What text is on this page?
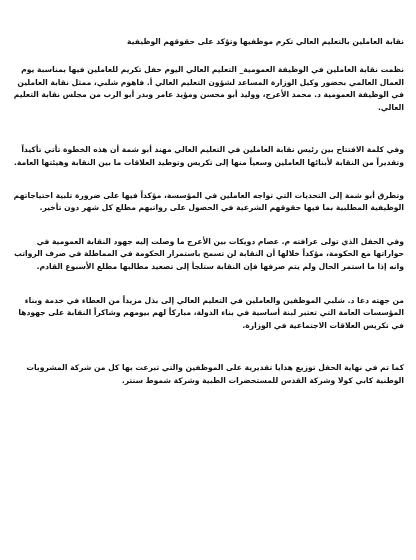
نقابة العاملين بالتعليم العالي تكرم موظفيها وتؤكد على حقوقهم الوظيفية

نظمت نقابة العاملين في الوظيفة العمومية_ التعليم العالي اليوم حفل تكريم للعاملين فيها بمناسبة يوم العمال العالمي بحضور وكيل الوزارة المساعد لشؤون التعليم العالي أ. فاهوم شلبي، ممثل نقابة العاملين في الوظيفة العمومية د. محمد الأعرج، ووليد أبو محسن ومؤيد عامر وبدر أبو الرب من مجلس نقابة التعليم العالي.

وفي كلمة الافتتاح بين رئيس نقابة العاملين في التعليم العالي مهند أبو شمة أن هذه الخطوة تأتي تأكيداً وتقديراً من النقابة لأبنائها العاملين وسعياً منها إلى تكريس وتوطيد العلاقات ما بين النقابة وهيئتها العامة.

وتطرق أبو شمة إلى التحديات التي تواجه العاملين في المؤسسة، مؤكداً فيها على ضرورة تلبية احتياجاتهم الوظيفية المطلبية بما فيها حقوقهم الشرعية في الحصول على رواتبهم مطلع كل شهر دون تأخير.

وفي الحفل الذي تولى عرافته م. عصام دويكات بين الأعرج ما وصلت إليه جهود النقابة العمومية في حواراتها مع الحكومة، مؤكداً خلالها أن النقابة لن تسمح باستمرار الحكومة في المماطلة في صرف الرواتب وانه إذا ما استمر الحال ولم يتم صرفها فإن النقابة ستلجأ إلى تصعيد مطالبها مطلع الأسبوع القادم.

من جهته دعا د. شلبي الموظفين والعاملين في التعليم العالي إلى بذل مزيداً من العطاء في خدمة وبناء المؤسسات العامة التي تعتبر لبنة أساسية في بناء الدولة، مباركاً لهم بيومهم وشاكراً النقابة على جهودها في تكريس العلاقات الاجتماعية في الوزارة.

كما تم في نهاية الحفل توزيع هدايا تقديرية على الموظفين والتي تبرعت بها كل من شركة المشروبات الوطنية كابي كولا وشركة القدس للمستحضرات الطبية وشركة شموط سنتر.
